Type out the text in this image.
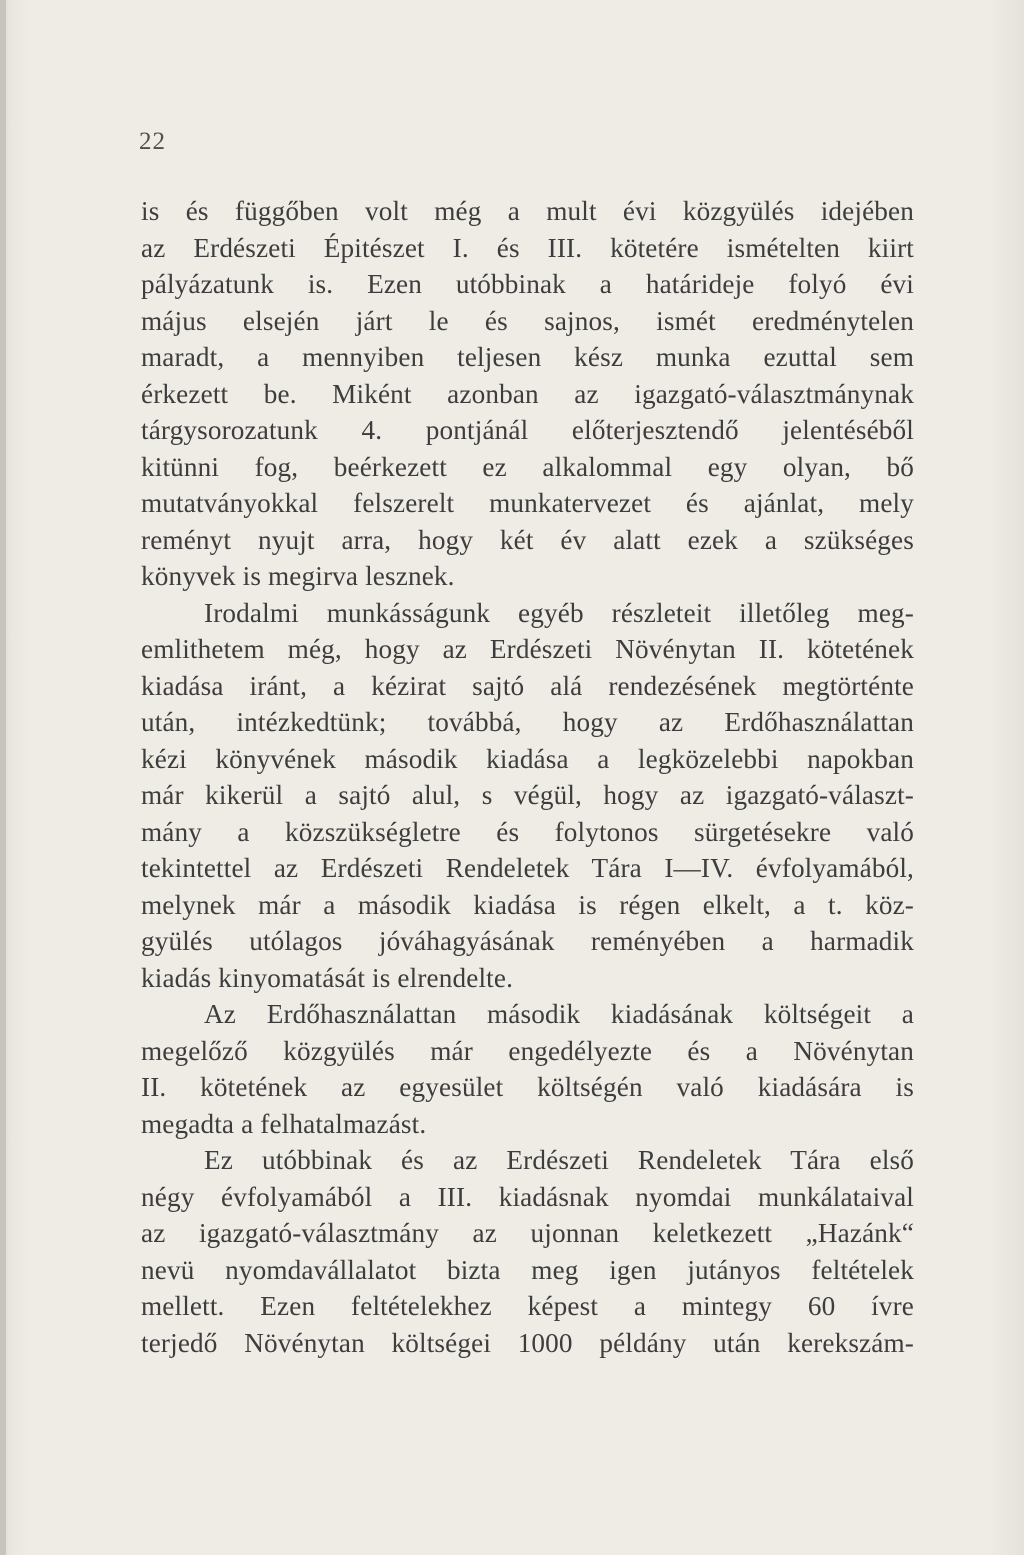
22
is és függőben volt még a mult évi közgyülés idejében
az Erdészeti Épitészet I. és III. kötetére ismételten kiirt
pályázatunk is. Ezen utóbbinak a határideje folyó évi
május elsején járt le és sajnos, ismét eredménytelen
maradt, a mennyiben teljesen kész munka ezuttal sem
érkezett be. Miként azonban az igazgató-választmánynak
tárgysorozatunk 4. pontjánál előterjesztendő jelentéséből
kitünni fog, beérkezett ez alkalommal egy olyan, bő
mutatványokkal felszerelt munkatervezet és ajánlat, mely
reményt nyujt arra, hogy két év alatt ezek a szükséges
könyvek is megirva lesznek.
Irodalmi munkásságunk egyéb részleteit illetőleg meg-
emlithetem még, hogy az Erdészeti Növénytan II. kötetének
kiadása iránt, a kézirat sajtó alá rendezésének megtörténte
után, intézkedtünk; továbbá, hogy az Erdőhasználattan
kézi könyvének második kiadása a legközelebbi napokban
már kikerül a sajtó alul, s végül, hogy az igazgató-választ-
mány a közszükségletre és folytonos sürgetésekre való
tekintettel az Erdészeti Rendeletek Tára I—IV. évfolyamából,
melynek már a második kiadása is régen elkelt, a t. köz-
gyülés utólagos jóváhagyásának reményében a harmadik
kiadás kinyomatását is elrendelte.
Az Erdőhasználattan második kiadásának költségeit a
megelőző közgyülés már engedélyezte és a Növénytan
II. kötetének az egyesület költségén való kiadására is
megadta a felhatalmazást.
Ez utóbbinak és az Erdészeti Rendeletek Tára első
négy évfolyamából a III. kiadásnak nyomdai munkálataival
az igazgató-választmány az ujonnan keletkezett „Hazánk“
nevü nyomdavállalatot bizta meg igen jutányos feltételek
mellett. Ezen feltételekhez képest a mintegy 60 ívre
terjedő Növénytan költségei 1000 példány után kerekszám-
